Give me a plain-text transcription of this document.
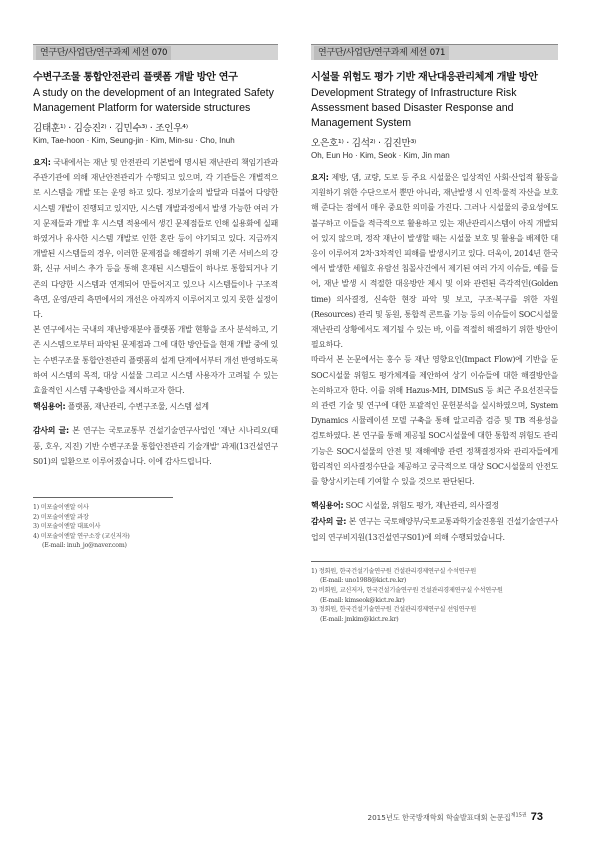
연구단/사업단/연구과제 세션 070
수변구조물 통합안전관리 플랫폼 개발 방안 연구
A study on the development of an Integrated Safety Management Platform for waterside structures
김태훈¹⁾ · 김승진²⁾ · 김민수³⁾ · 조인우⁴⁾
Kim, Tae-hoon · Kim, Seung-jin · Kim, Min-su · Cho, Inuh

요지: 국내에서는 재난 및 안전관리 기본법에 명시된 재난관리 책임기관과 주관기관에 의해 재난안전관리가 수행되고 있으며, 각 기관들은 개별적으로 시스템을 개발 또는 운영 하고 있다. 정보기술의 발달과 더불어 다양한 시스템 개발이 진행되고 있지만, 시스템 개발과정에서 발생 가능한 여러 가지 문제들과 개발 후 시스템 적용에서 생긴 문제점들로 인해 실용화에 실패하였거나 유사한 시스템 개발로 인한 혼란 등이 야기되고 있다. 지금까지 개발된 시스템들의 경우, 이러한 문제점을 해결하기 위해 기존 서비스의 강화, 신규 서비스 추가 등을 통해 혼재된 시스템들이 하나로 통합되거나 기존의 다양한 시스템과 연계되어 만들어지고 있으나 시스템들이나 구조적 측면, 운영/관리 측면에서의 개선은 아직까지 이루어지고 있지 못한 실정이다.

본 연구에서는 국내의 재난방재분야 플랫폼 개발 현황을 조사 분석하고, 기존 시스템으로부터 파악된 문제점과 그에 대한 방안들을 현재 개발 중에 있는 수변구조물 통합안전관리 플랫폼의 설계 단계에서부터 개선 반영하도록 하여 시스템의 목적, 대상 시설물 그리고 시스템 사용자가 고려될 수 있는 효율적인 시스템 구축방안을 제시하고자 한다.

핵심용어: 플랫폼, 재난관리, 수변구조물, 시스템 설계
감사의 글: 본 연구는 국토교통부 건설기술연구사업인 '재난 시나리오(태풍, 호우, 지진) 기반 수변구조물 통합안전관리 기술개발' 과제(13건설연구S01)의 일환으로 이루어졌습니다. 이에 감사드립니다.
1) 미포술이엔알 이사
2) 미포술이엔알 과장
3) 미포술이엔알 대표이사
4) 미포술이엔알 연구소장 (교신저자)
(E-mail: inuh_jo@naver.com)
연구단/사업단/연구과제 세션 071
시설물 위험도 평가 기반 재난대응관리체계 개발 방안
Development Strategy of Infrastructure Risk Assessment based Disaster Response and Management System
오은호¹⁾ · 김석²⁾ · 김진만³⁾
Oh, Eun Ho · Kim, Seok · Kim, Jin man

요지: 제방, 댐, 교량, 도로 등 주요 시설물은 일상적인 사회·산업적 활동을 지원하기 위한 수단으로서 뿐만 아니라, 재난발생 시 인적·물적 자산을 보호해 준다는 점에서 매우 중요한 의미를 가진다. 그러나 시설물의 중요성에도 불구하고 이들을 적극적으로 활용하고 있는 재난관리시스템이 아직 개발되어 있지 않으며, 정작 재난이 발생할 때는 시설물 보호 및 활용을 배제한 대응이 이루어져 2차·3차적인 피해를 발생시키고 있다. 더욱이, 2014년 한국에서 발생한 세월호 유람선 침몰사건에서 제기된 여러 가지 이슈들, 예를 들어, 재난 발생 시 적절한 대응방안 제시 및 이와 관련된 즉각적인(Golden time) 의사결정, 신속한 현장 파악 및 보고, 구조·복구를 위한 자원(Resources) 관리 및 동원, 통합적 콘트롤 기능 등의 이슈들이 SOC시설물 재난관리 상황에서도 제기될 수 있는 바, 이를 적절히 해결하기 위한 방안이 필요하다.

따라서 본 논문에서는 홍수 등 재난 영향요인(Impact Flow)에 기반을 둔 SOC시설물 위험도 평가체계를 제안하여 상기 이슈들에 대한 해결방안을 논의하고자 한다. 이를 위해 Hazus-MH, DIMSuS 등 최근 주요선진국들의 관련 기술 및 연구에 대한 포괄적인 문헌분석을 실시하였으며, System Dynamics 시뮬레이션 모델 구축을 통해 알고리즘 검증 및 TB 적용성을 검토하였다. 본 연구를 통해 제공될 SOC시설물에 대한 통합적 위험도 관리 기능은 SOC시설물의 안전 및 재해예방 관련 정책결정자와 관리자들에게 합리적인 의사결정수단을 제공하고 궁극적으로 대상 SOC시설물의 안전도를 향상시키는데 기여할 수 있을 것으로 판단된다.

핵심용어: SOC 시설물, 위험도 평가, 재난관리, 의사결정
감사의 글: 본 연구는 국토해양부/국토교통과학기술진흥원 건설기술연구사업의 연구비지원(13건설연구S01)에 의해 수행되었습니다.
1) 정회원, 한국건설기술연구원 건설관리경제연구실 수석연구원
(E-mail: uno1988@kict.re.kr)
2) 비회원, 교신저자, 한국건설기술연구원 건설관리경제연구실 수석연구원
(E-mail: kimseok@kict.re.kr)
3) 정회원, 한국건설기술연구원 건설관리경제연구실 선임연구원
(E-mail: jmkim@kict.re.kr)
2015년도 한국방재학회 학술발표대회 논문집$^{제15권}$ 73
